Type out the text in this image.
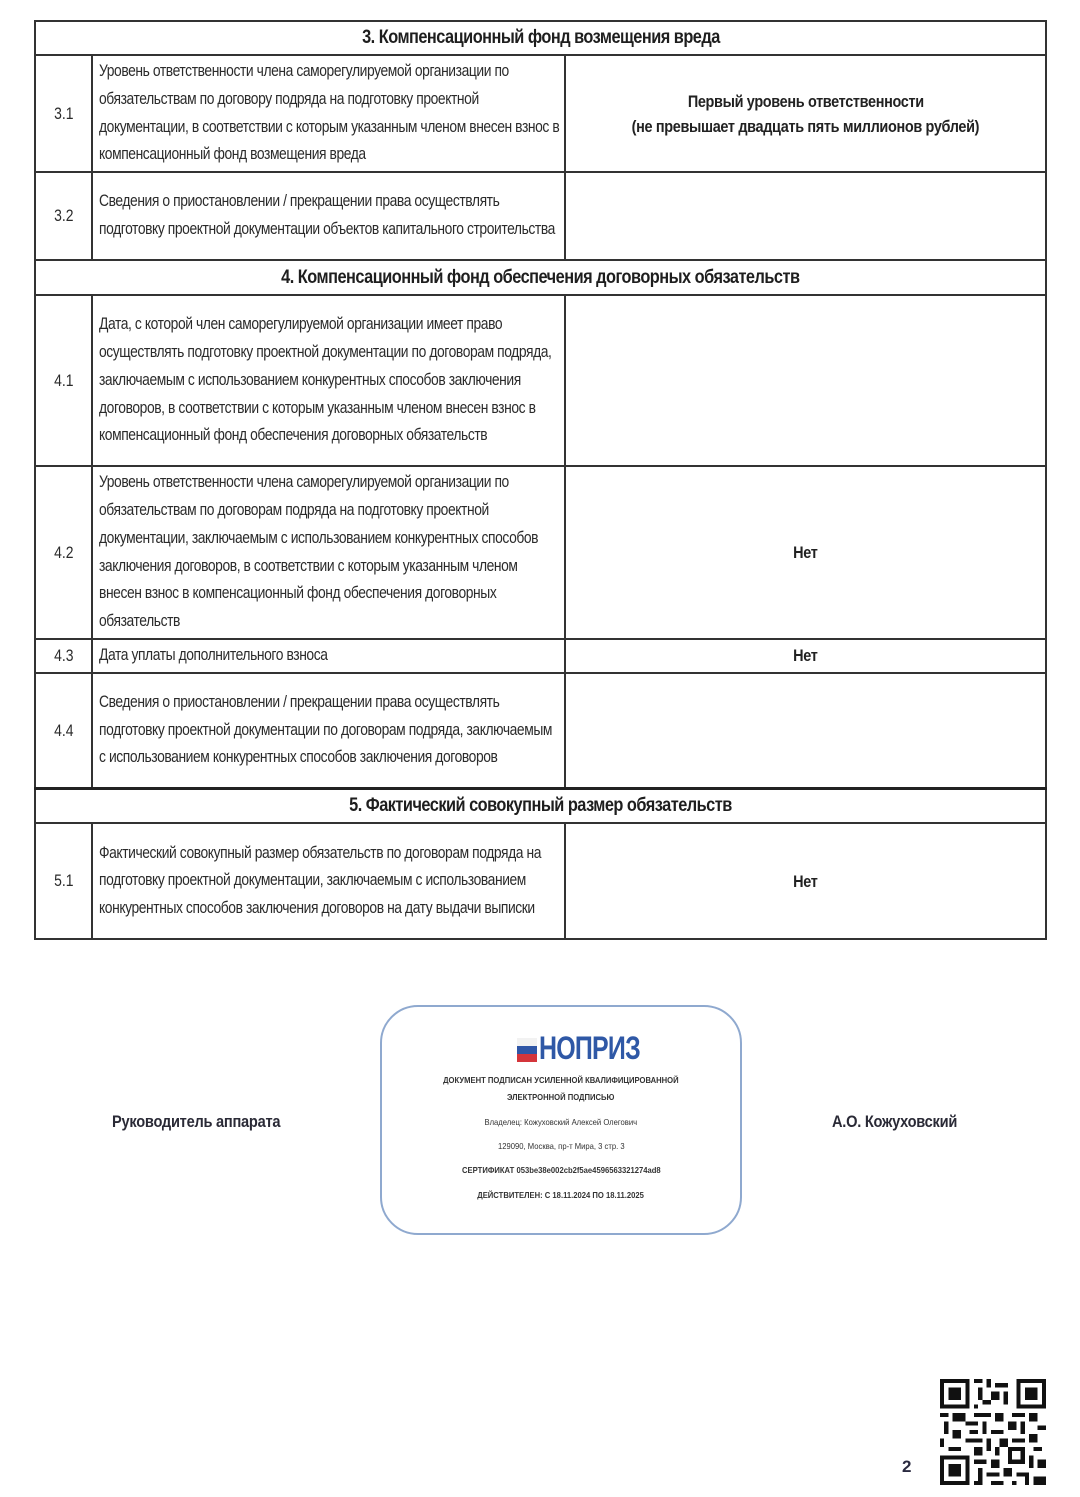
3. Компенсационный фонд возмещения вреда		
3.1	Уровень ответственности члена саморегулируемой организации по обязательствам по договору подряда на подготовку проектной документации, в соответствии с которым указанным членом внесен взнос в компенсационный фонд возмещения вреда	Первый уровень ответственности
(не превышает двадцать пять миллионов рублей)
3.2	Сведения о приостановлении / прекращении права осуществлять подготовку проектной документации объектов капитального строительства	

4. Компенсационный фонд обеспечения договорных обязательств		
4.1	Дата, с которой член саморегулируемой организации имеет право осуществлять подготовку проектной документации по договорам подряда, заключаемым с использованием конкурентных способов заключения договоров, в соответствии с которым указанным членом внесен взнос в компенсационный фонд обеспечения договорных обязательств	

4.2	Уровень ответственности члена саморегулируемой организации по обязательствам по договорам подряда на подготовку проектной документации, заключаемым с использованием конкурентных способов заключения договоров, в соответствии с которым указанным членом внесен взнос в компенсационный фонд обеспечения договорных обязательств	Нет
4.3	Дата уплаты дополнительного взноса	Нет
4.4	Сведения о приостановлении / прекращении права осуществлять подготовку проектной документации по договорам подряда, заключаемым с использованием конкурентных способов заключения договоров	

5. Фактический совокупный размер обязательств		
5.1	Фактический совокупный размер обязательств по договорам подряда на подготовку проектной документации, заключаемым с использованием конкурентных способов заключения договоров на дату выдачи выписки	Нет
Руководитель аппарата
НОПРИЗ
ДОКУМЕНТ ПОДПИСАН УСИЛЕННОЙ КВАЛИФИЦИРОВАННОЙ
ЭЛЕКТРОННОЙ ПОДПИСЬЮ
Владелец: Кожуховский Алексей Олегович
129090, Москва, пр-т Мира, 3 стр. 3
СЕРТИФИКАТ 053be38e002cb2f5ae4596563321274ad8
ДЕЙСТВИТЕЛЕН: С 18.11.2024 ПО 18.11.2025
А.О. Кожуховский
2
